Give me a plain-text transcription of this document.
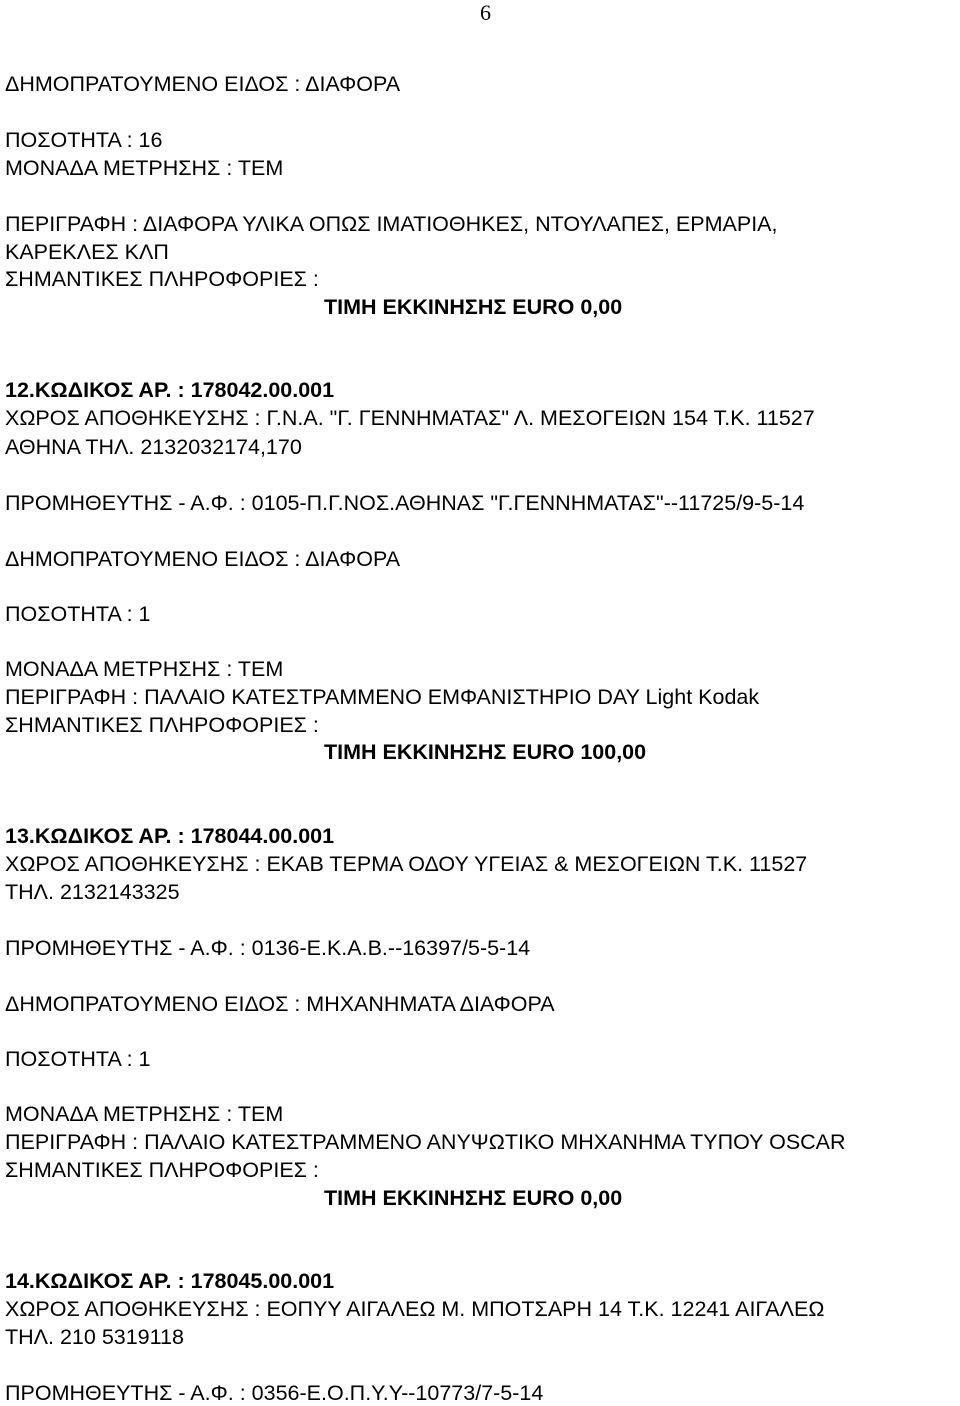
6
ΔΗΜΟΠΡΑΤΟΥΜΕΝΟ ΕΙΔΟΣ : ΔΙΑΦΟΡΑ
ΠΟΣΟΤΗΤΑ : 16
ΜΟΝΑΔΑ ΜΕΤΡΗΣΗΣ : ΤΕΜ
ΠΕΡΙΓΡΑΦΗ : ΔΙΑΦΟΡΑ ΥΛΙΚΑ ΟΠΩΣ ΙΜΑΤΙΟΘΗΚΕΣ, ΝΤΟΥΛΑΠΕΣ, ΕΡΜΑΡΙΑ,
ΚΑΡΕΚΛΕΣ ΚΛΠ
ΣΗΜΑΝΤΙΚΕΣ ΠΛΗΡΟΦΟΡΙΕΣ :
ΤΙΜΗ ΕΚΚΙΝΗΣΗΣ EURO 0,00
12.ΚΩΔΙΚΟΣ ΑΡ. : 178042.00.001
ΧΩΡΟΣ ΑΠΟΘΗΚΕΥΣΗΣ : Γ.Ν.Α. "Γ. ΓΕΝΝΗΜΑΤΑΣ" Λ. ΜΕΣΟΓΕΙΩΝ 154 Τ.Κ. 11527
ΑΘΗΝΑ ΤΗΛ. 2132032174,170
ΠΡΟΜΗΘΕΥΤΗΣ - Α.Φ. : 0105-Π.Γ.ΝΟΣ.ΑΘΗΝΑΣ "Γ.ΓΕΝΝΗΜΑΤΑΣ"--11725/9-5-14
ΔΗΜΟΠΡΑΤΟΥΜΕΝΟ ΕΙΔΟΣ : ΔΙΑΦΟΡΑ
ΠΟΣΟΤΗΤΑ : 1
ΜΟΝΑΔΑ ΜΕΤΡΗΣΗΣ : ΤΕΜ
ΠΕΡΙΓΡΑΦΗ : ΠΑΛΑΙΟ ΚΑΤΕΣΤΡΑΜΜΕΝΟ ΕΜΦΑΝΙΣΤΗΡΙΟ DAY Light Kodak
ΣΗΜΑΝΤΙΚΕΣ ΠΛΗΡΟΦΟΡΙΕΣ :
ΤΙΜΗ ΕΚΚΙΝΗΣΗΣ EURO 100,00
13.ΚΩΔΙΚΟΣ ΑΡ. : 178044.00.001
ΧΩΡΟΣ ΑΠΟΘΗΚΕΥΣΗΣ : ΕΚΑΒ ΤΕΡΜΑ ΟΔΟΥ ΥΓΕΙΑΣ & ΜΕΣΟΓΕΙΩΝ Τ.Κ. 11527
ΤΗΛ. 2132143325
ΠΡΟΜΗΘΕΥΤΗΣ - Α.Φ. : 0136-Ε.Κ.Α.Β.--16397/5-5-14
ΔΗΜΟΠΡΑΤΟΥΜΕΝΟ ΕΙΔΟΣ : ΜΗΧΑΝΗΜΑΤΑ ΔΙΑΦΟΡΑ
ΠΟΣΟΤΗΤΑ : 1
ΜΟΝΑΔΑ ΜΕΤΡΗΣΗΣ : ΤΕΜ
ΠΕΡΙΓΡΑΦΗ : ΠΑΛΑΙΟ ΚΑΤΕΣΤΡΑΜΜΕΝΟ ΑΝΥΨΩΤΙΚΟ ΜΗΧΑΝΗΜΑ ΤΥΠΟΥ OSCAR
ΣΗΜΑΝΤΙΚΕΣ ΠΛΗΡΟΦΟΡΙΕΣ :
ΤΙΜΗ ΕΚΚΙΝΗΣΗΣ EURO 0,00
14.ΚΩΔΙΚΟΣ ΑΡ. : 178045.00.001
ΧΩΡΟΣ ΑΠΟΘΗΚΕΥΣΗΣ : ΕΟΠΥΥ ΑΙΓΑΛΕΩ Μ. ΜΠΟΤΣΑΡΗ 14 Τ.Κ. 12241 ΑΙΓΑΛΕΩ
ΤΗΛ. 210 5319118
ΠΡΟΜΗΘΕΥΤΗΣ - Α.Φ. : 0356-Ε.Ο.Π.Υ.Υ--10773/7-5-14
